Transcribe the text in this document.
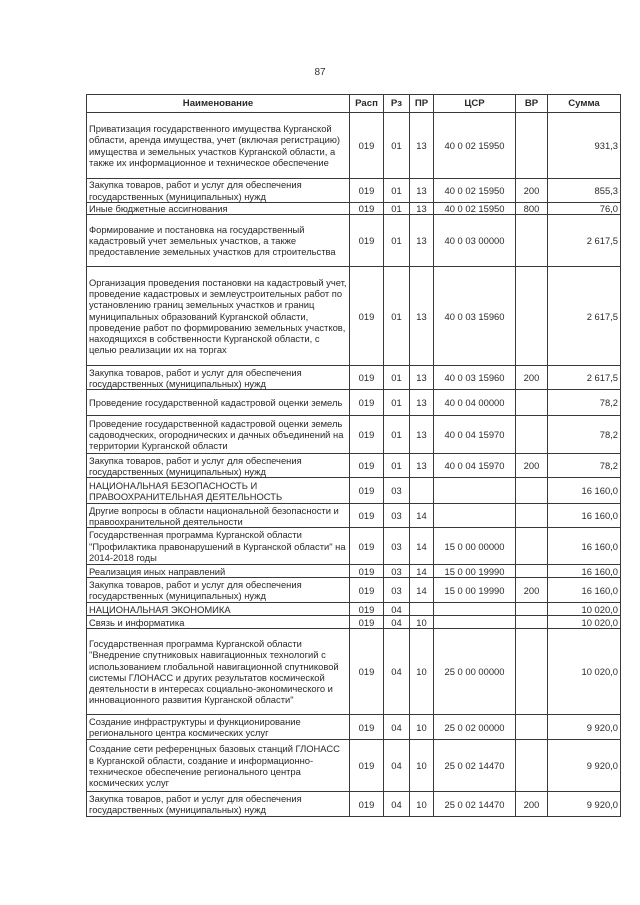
87
Наименование	Расп	Рз	ПР	ЦСР	ВР	Сумма
Приватизация государственного имущества Курганской области, аренда имущества, учет (включая регистрацию) имущества и земельных участков Курганской области, а также их информационное и техническое обеспечение	019	01	13	40 0 02 15950		931,3
Закупка товаров, работ и услуг для обеспечения государственных (муниципальных) нужд	019	01	13	40 0 02 15950	200	855,3
Иные бюджетные ассигнования	019	01	13	40 0 02 15950	800	76,0
Формирование и постановка на государственный кадастровый учет земельных участков, а также предоставление земельных участков для строительства	019	01	13	40 0 03 00000		2 617,5
Организация проведения постановки на кадастровый учет, проведение кадастровых и землеустроительных работ по установлению границ земельных участков и границ муниципальных образований Курганской области, проведение работ по формированию земельных участков, находящихся в собственности Курганской области, с целью реализации их на торгах	019	01	13	40 0 03 15960		2 617,5
Закупка товаров, работ и услуг для обеспечения государственных (муниципальных) нужд	019	01	13	40 0 03 15960	200	2 617,5
Проведение государственной кадастровой оценки земель	019	01	13	40 0 04 00000		78,2
Проведение государственной кадастровой оценки земель садоводческих, огороднических и дачных объединений на территории Курганской области	019	01	13	40 0 04 15970		78,2
Закупка товаров, работ и услуг для обеспечения государственных (муниципальных) нужд	019	01	13	40 0 04 15970	200	78,2
НАЦИОНАЛЬНАЯ БЕЗОПАСНОСТЬ И ПРАВООХРАНИТЕЛЬНАЯ ДЕЯТЕЛЬНОСТЬ	019	03				16 160,0
Другие вопросы в области национальной безопасности и правоохранительной деятельности	019	03	14			16 160,0
Государственная программа Курганской области "Профилактика правонарушений в Курганской области" на 2014-2018 годы	019	03	14	15 0 00 00000		16 160,0
Реализация иных направлений	019	03	14	15 0 00 19990		16 160,0
Закупка товаров, работ и услуг для обеспечения государственных (муниципальных) нужд	019	03	14	15 0 00 19990	200	16 160,0
НАЦИОНАЛЬНАЯ ЭКОНОМИКА	019	04				10 020,0
Связь и информатика	019	04	10			10 020,0
Государственная программа Курганской области "Внедрение спутниковых навигационных технологий с использованием глобальной навигационной спутниковой системы ГЛОНАСС и других результатов космической деятельности в интересах социально-экономического и инновационного развития Курганской области"	019	04	10	25 0 00 00000		10 020,0
Создание инфраструктуры и функционирование регионального центра космических услуг	019	04	10	25 0 02 00000		9 920,0
Создание сети референцных базовых станций ГЛОНАСС в Курганской области, создание и информационно-техническое обеспечение регионального центра космических услуг	019	04	10	25 0 02 14470		9 920,0
Закупка товаров, работ и услуг для обеспечения государственных (муниципальных) нужд	019	04	10	25 0 02 14470	200	9 920,0
